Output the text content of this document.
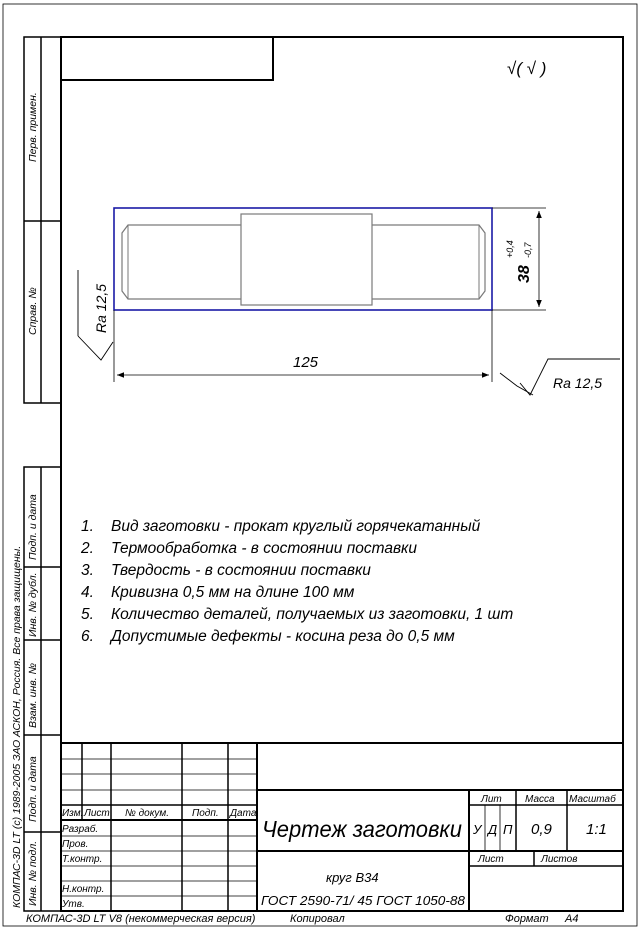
Перв. примен.
Справ. №
Подп. и дата
Инв. № дубл.
Взам. инв. №
Подп. и дата
Инв. № подл.
КОМПАС-3D LT (c) 1989-2005 ЗАО АСКОН, Россия. Все права защищены.
√( √ )
38
+0,4 -0,7
125
Ra 12,5
Ra 12,5
1. Вид заготовки - прокат круглый горячекатанный
2. Термообработка - в состоянии поставки
3. Твердость - в состоянии поставки
4. Кривизна 0,5 мм на длине 100 мм
5. Количество деталей, получаемых из заготовки, 1 шт
6. Допустимые дефекты - косина реза до 0,5 мм
Изм. Лист № докум. Подп. Дата
Разраб.
Пров.
Т.контр.
Н.контр.
Утв.
Чертеж заготовки
круг В34
ГОСТ 2590-71/ 45 ГОСТ 1050-88
Лит Масса Масштаб
У Д П 0,9 1:1
Лист	Листов
КОМПАС-3D LT V8 (некоммерческая версия)	Копировал	Формат А4
